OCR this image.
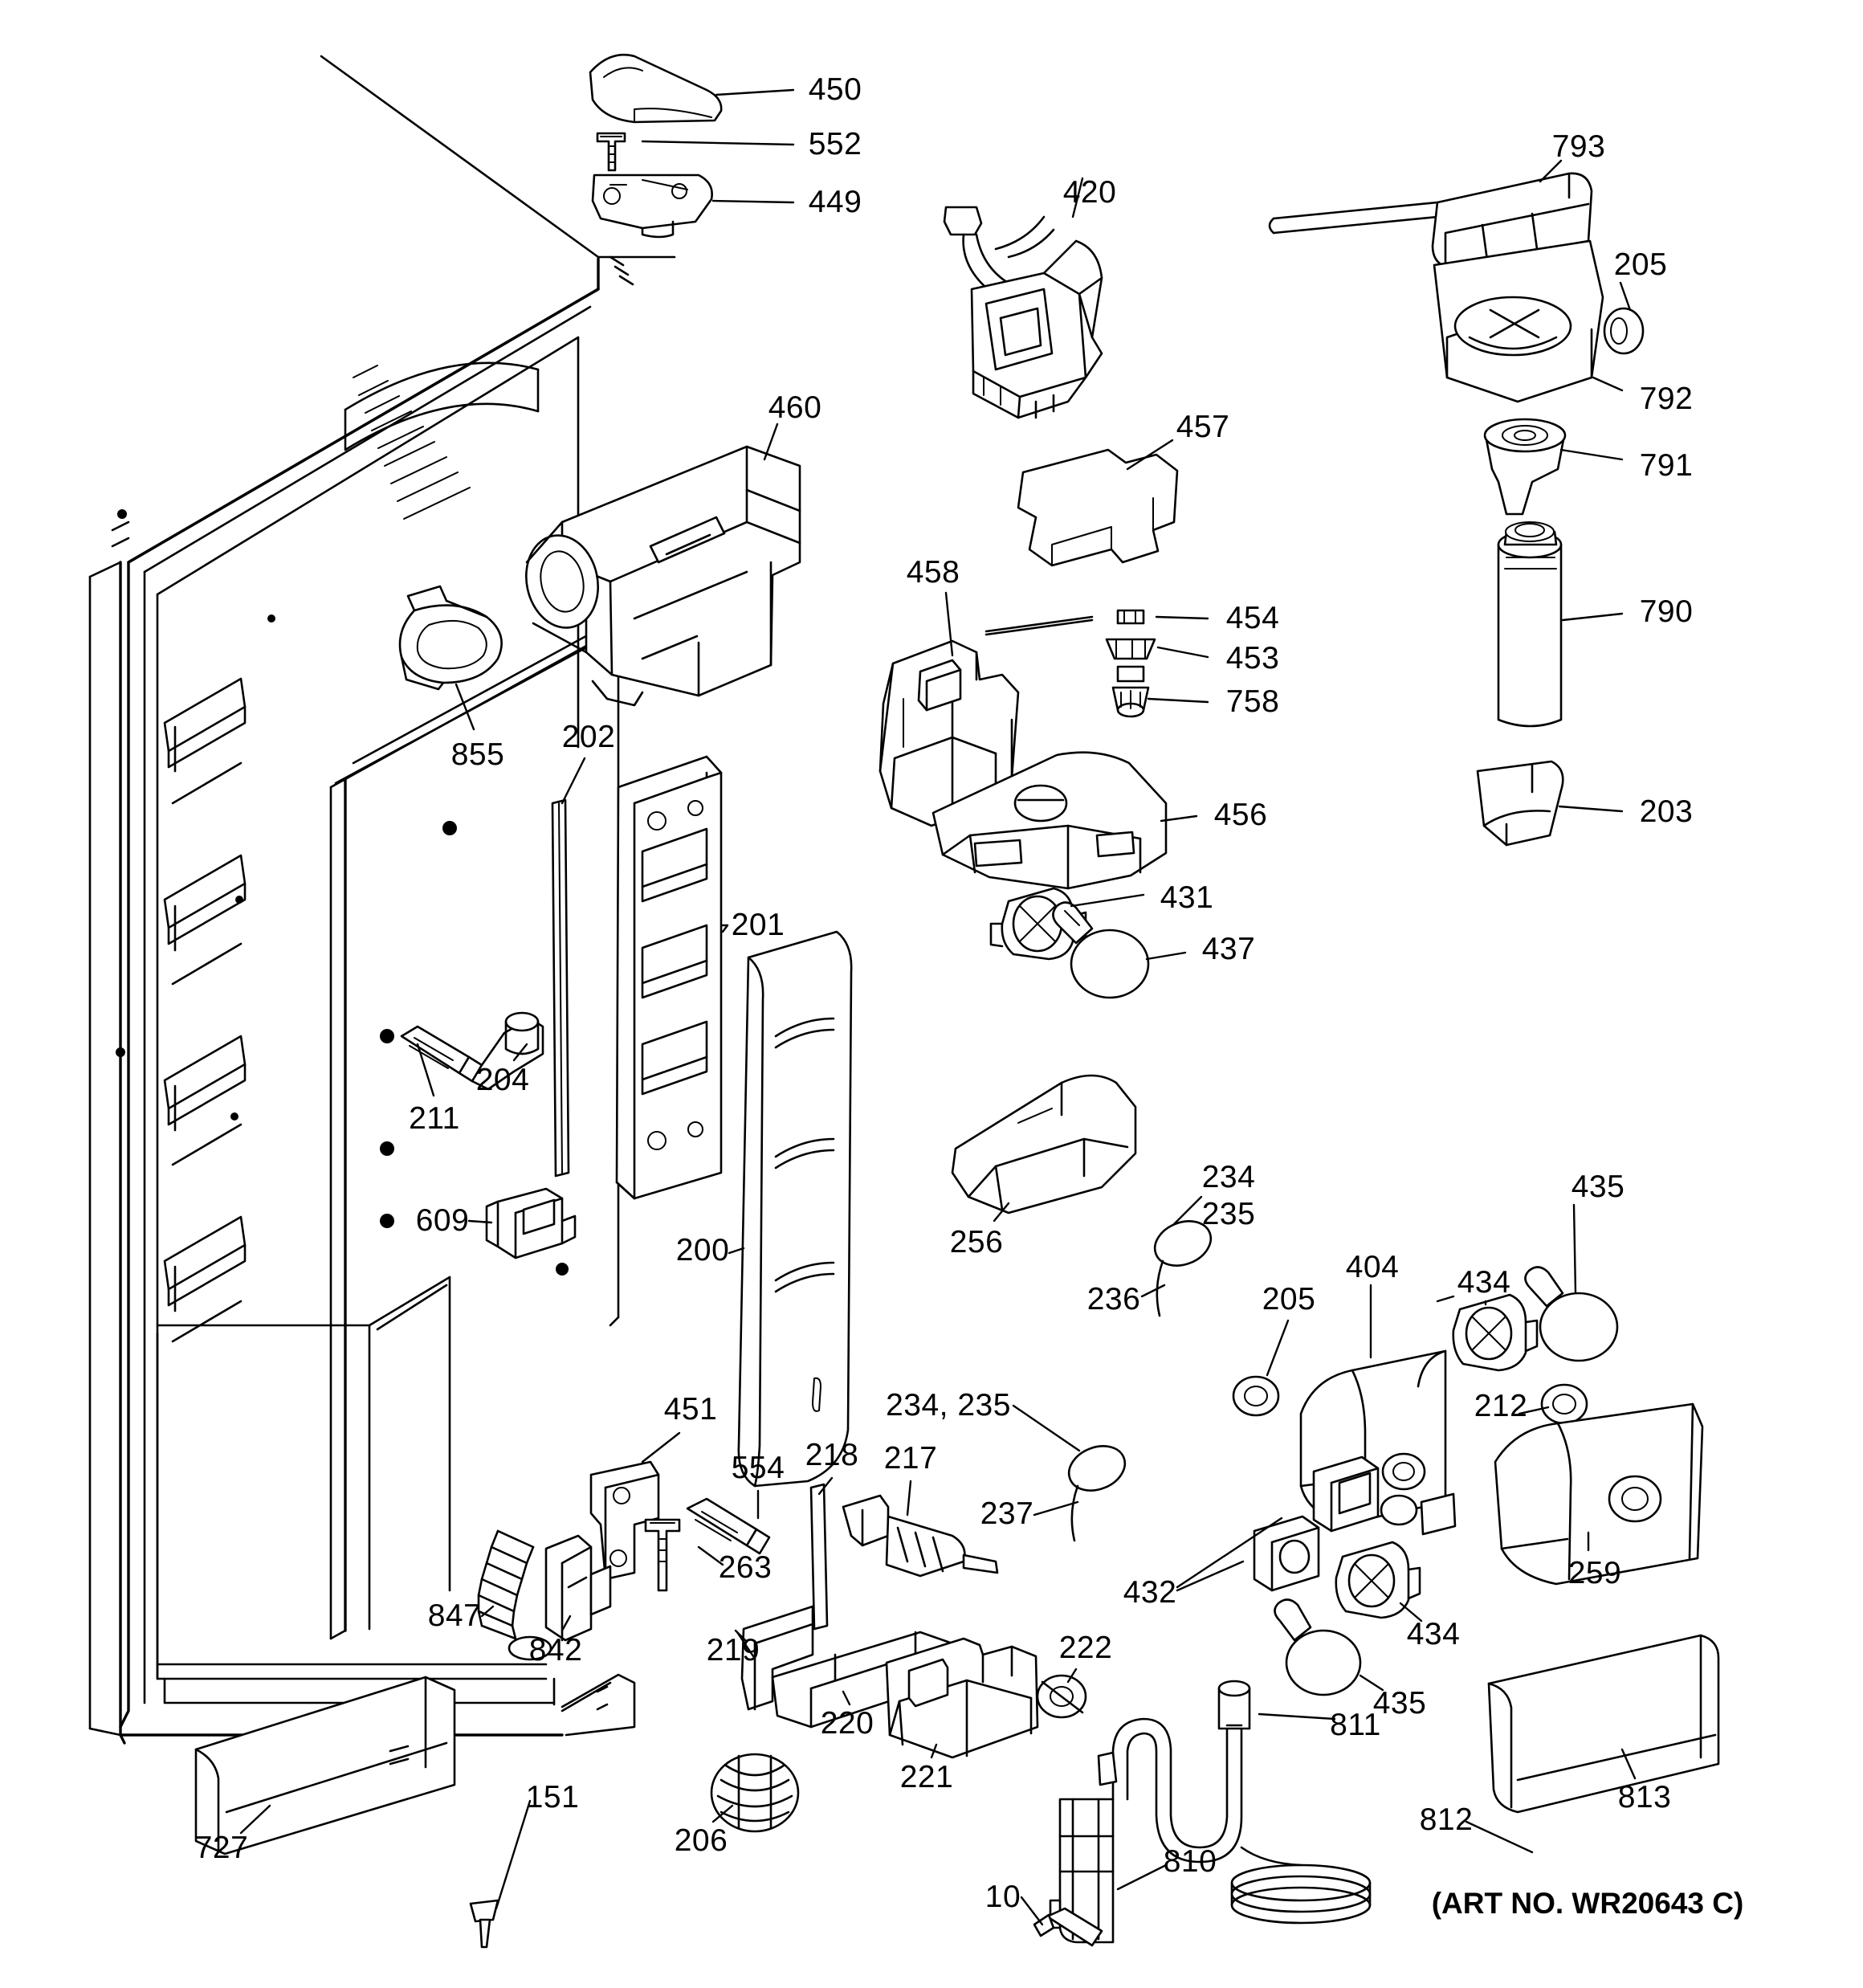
450
552
449	420
793
205
792
460
457
791
458
454
453
790
758
855
202
456	203
431
201
437
204
211
234
235
434
435
609
404
256
236	205
200
212
234, 235
237
259
451
554 218 217
263
432
434
847
842	219	222
435
220
221
811
813
812
206
727
151
810
10	(ART NO. WR20643 C)
